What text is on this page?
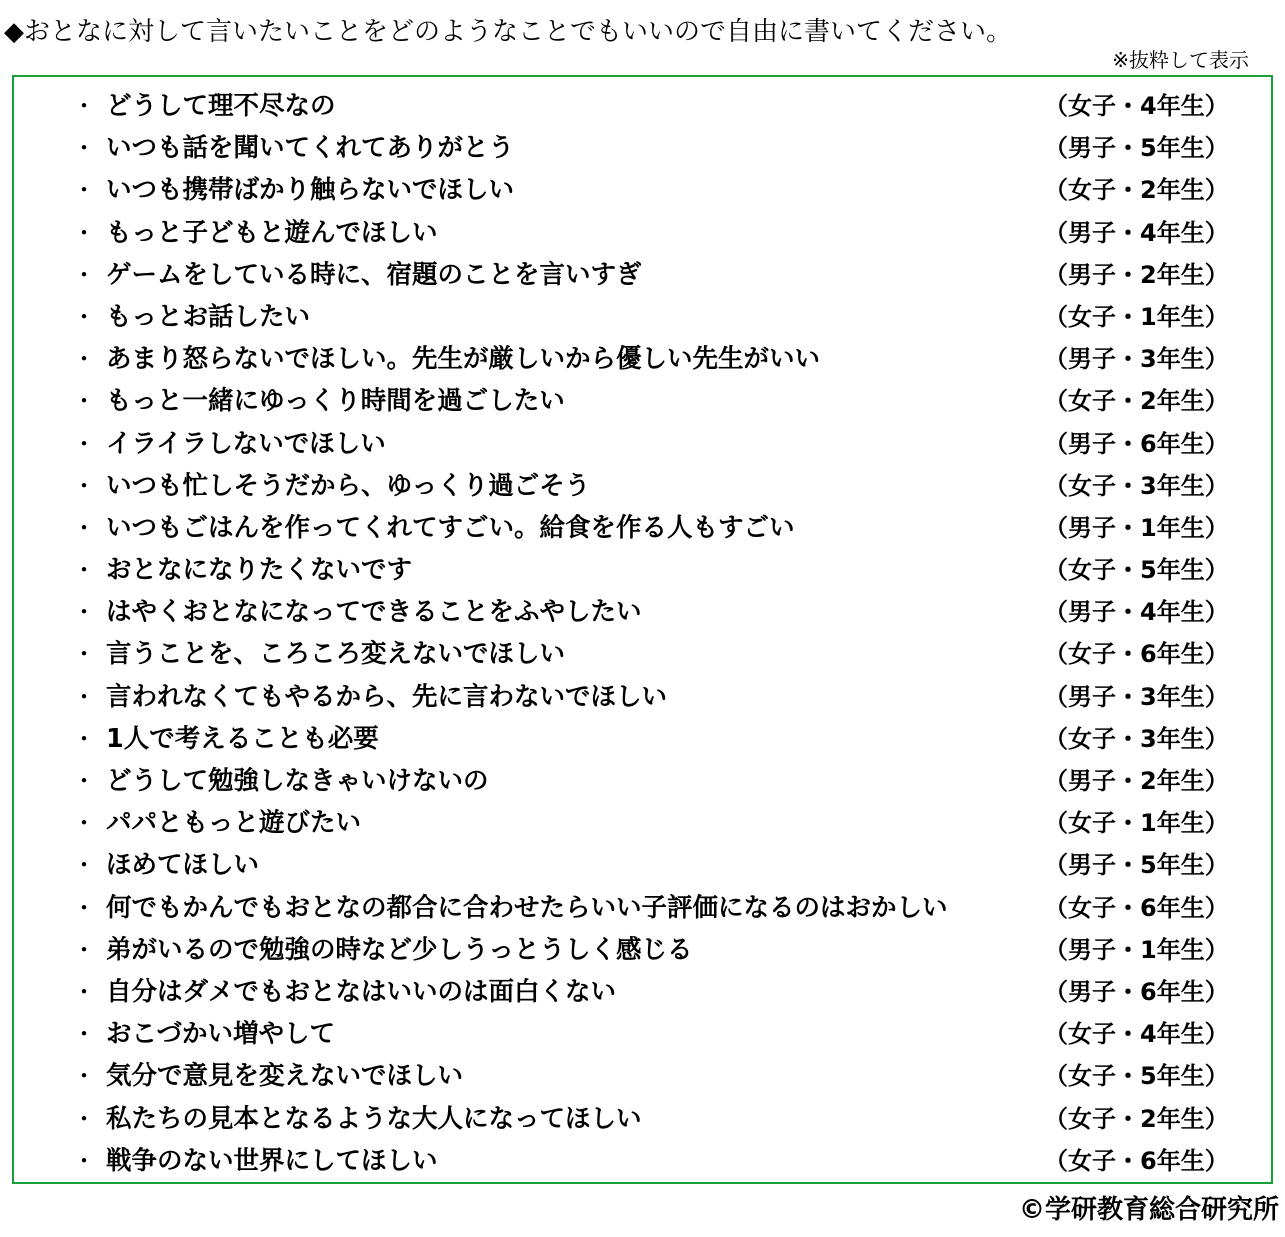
◆おとなに対して言いたいことをどのようなことでもいいので自由に書いてください。
※抜粋して表示
・ どうして理不尽なの	（女子・4年生）
・ いつも話を聞いてくれてありがとう	（男子・5年生）
・ いつも携帯ばかり触らないでほしい	（女子・2年生）
・ もっと子どもと遊んでほしい	（男子・4年生）
・ ゲームをしている時に、宿題のことを言いすぎ	（男子・2年生）
・ もっとお話したい	（女子・1年生）
・ あまり怒らないでほしい。先生が厳しいから優しい先生がいい	（男子・3年生）
・ もっと一緒にゆっくり時間を過ごしたい	（女子・2年生）
・ イライラしないでほしい	（男子・6年生）
・ いつも忙しそうだから、ゆっくり過ごそう	（女子・3年生）
・ いつもごはんを作ってくれてすごい。給食を作る人もすごい	（男子・1年生）
・ おとなになりたくないです	（女子・5年生）
・ はやくおとなになってできることをふやしたい	（男子・4年生）
・ 言うことを、ころころ変えないでほしい	（女子・6年生）
・ 言われなくてもやるから、先に言わないでほしい	（男子・3年生）
・ 1人で考えることも必要	（女子・3年生）
・ どうして勉強しなきゃいけないの	（男子・2年生）
・ パパともっと遊びたい	（女子・1年生）
・ ほめてほしい	（男子・5年生）
・ 何でもかんでもおとなの都合に合わせたらいい子評価になるのはおかしい	（女子・6年生）
・ 弟がいるので勉強の時など少しうっとうしく感じる	（男子・1年生）
・ 自分はダメでもおとなはいいのは面白くない	（男子・6年生）
・ おこづかい増やして	（女子・4年生）
・ 気分で意見を変えないでほしい	（女子・5年生）
・ 私たちの見本となるような大人になってほしい	（女子・2年生）
・ 戦争のない世界にしてほしい	（女子・6年生）
©学研教育総合研究所
